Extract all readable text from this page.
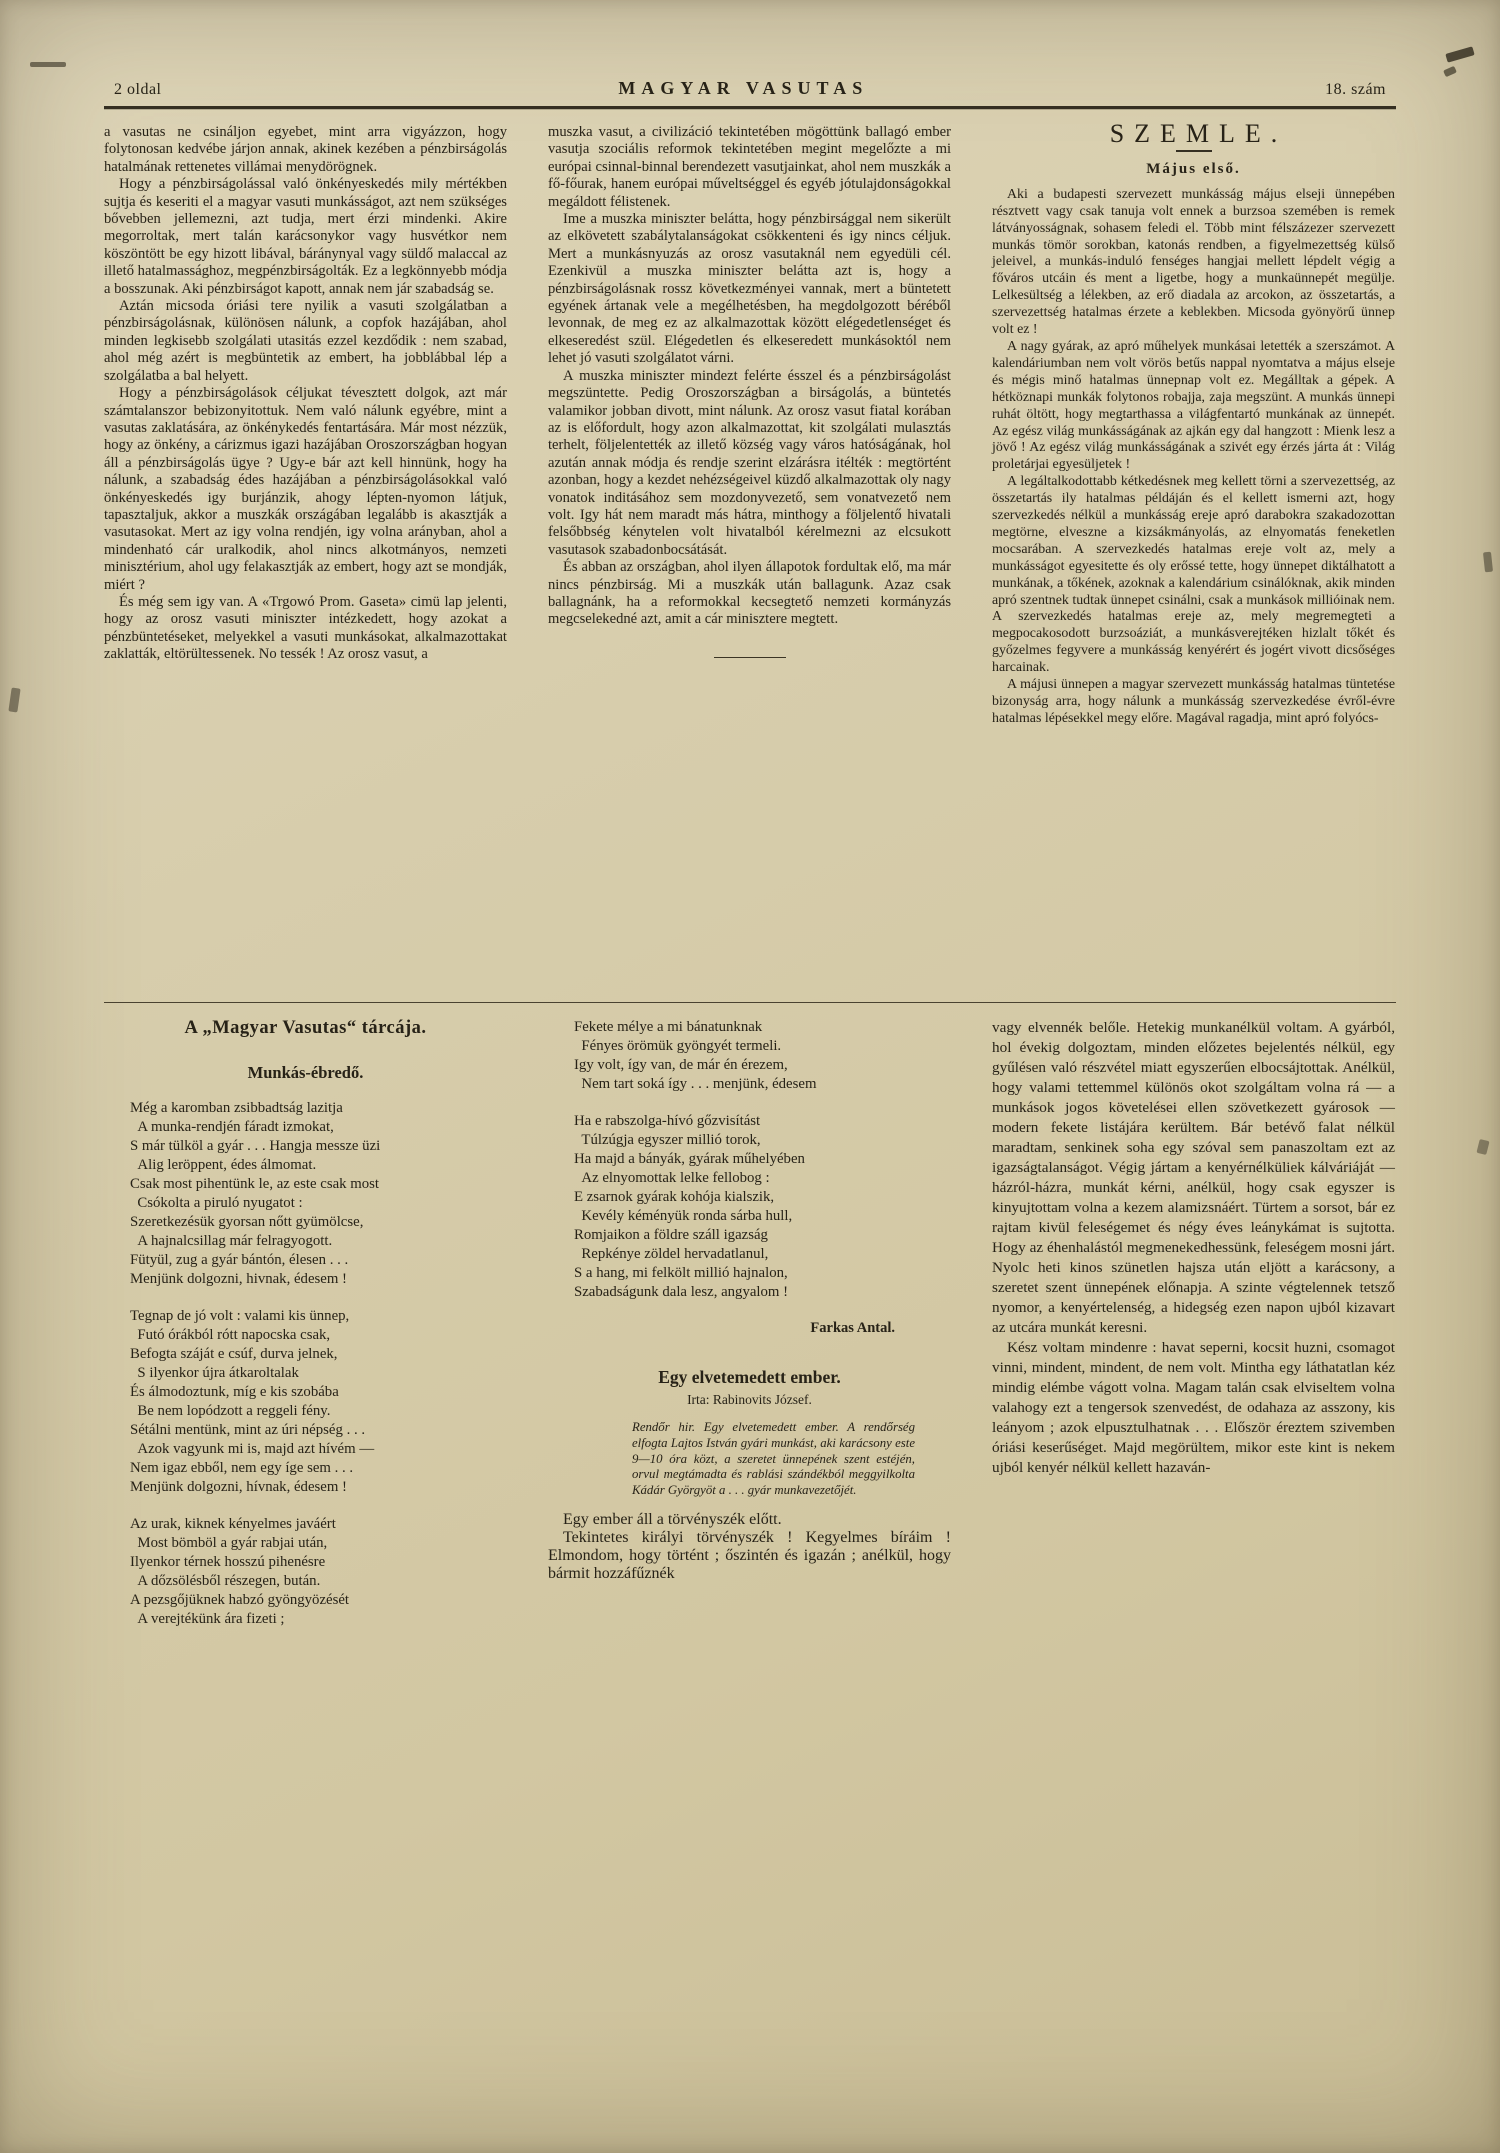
2 oldal	MAGYAR VASUTAS	18. szám

a vasutas ne csináljon egyebet, mint arra vigyázzon, hogy folytonosan kedvébe járjon annak, akinek kezében a pénzbirságolás hatalmának rettenetes villámai menydörögnek.

Hogy a pénzbirságolással való önkényeskedés mily mértékben sujtja és keseriti el a magyar vasuti munkásságot, azt nem szükséges bővebben jellemezni, azt tudja, mert érzi mindenki. Akire megorroltak, mert talán karácsonykor vagy husvétkor nem köszöntött be egy hizott libával, báránynyal vagy süldő malaccal az illető hatalmassághoz, megpénzbirságolták. Ez a legkönnyebb módja a bosszunak. Aki pénzbirságot kapott, annak nem jár szabadság se.

Aztán micsoda óriási tere nyilik a vasuti szolgálatban a pénzbirságolásnak, különösen nálunk, a copfok hazájában, ahol minden legkisebb szolgálati utasitás ezzel kezdődik : nem szabad, ahol még azért is megbüntetik az embert, ha jobblábbal lép a szolgálatba a bal helyett.

Hogy a pénzbirságolások céljukat tévesztett dolgok, azt már számtalanszor bebizonyitottuk. Nem való nálunk egyébre, mint a vasutas zaklatására, az önkénykedés fentartására. Már most nézzük, hogy az önkény, a cárizmus igazi hazájában Oroszországban hogyan áll a pénzbirságolás ügye ? Ugy-e bár azt kell hinnünk, hogy ha nálunk, a szabadság édes hazájában a pénzbirságolásokkal való önkényeskedés igy burjánzik, ahogy lépten-nyomon látjuk, tapasztaljuk, akkor a muszkák országában legalább is akasztják a vasutasokat. Mert az igy volna rendjén, igy volna arányban, ahol a mindenható cár uralkodik, ahol nincs alkotmányos, nemzeti minisztérium, ahol ugy felakasztják az embert, hogy azt se mondják, miért ?

És még sem igy van. A «Trgowó Prom. Gaseta» cimü lap jelenti, hogy az orosz vasuti miniszter intézkedett, hogy azokat a pénzbüntetéseket, melyekkel a vasuti munkásokat, alkalmazottakat zaklatták, eltörültessenek. No tessék ! Az orosz vasut, a

muszka vasut, a civilizáció tekintetében mögöttünk ballagó ember vasutja szociális reformok tekintetében megint megelőzte a mi európai csinnal-binnal berendezett vasutjainkat, ahol nem muszkák a fő-főurak, hanem európai műveltséggel és egyéb jótulajdonságokkal megáldott félistenek.

Ime a muszka miniszter belátta, hogy pénzbirsággal nem sikerült az elkövetett szabálytalanságokat csökkenteni és igy nincs céljuk. Mert a munkásnyuzás az orosz vasutaknál nem egyedüli cél. Ezenkivül a muszka miniszter belátta azt is, hogy a pénzbirságolásnak rossz következményei vannak, mert a büntetett egyének ártanak vele a megélhetésben, ha megdolgozott béréből levonnak, de meg ez az alkalmazottak között elégedetlenséget és elkeseredést szül. Elégedetlen és elkeseredett munkásoktól nem lehet jó vasuti szolgálatot várni.

A muszka miniszter mindezt felérte ésszel és a pénzbirságolást megszüntette. Pedig Oroszországban a birságolás, a büntetés valamikor jobban divott, mint nálunk. Az orosz vasut fiatal korában az is előfordult, hogy azon alkalmazottat, kit szolgálati mulasztás terhelt, följelentették az illető község vagy város hatóságának, hol azután annak módja és rendje szerint elzárásra itélték : megtörtént azonban, hogy a kezdet nehézségeivel küzdő alkalmazottak oly nagy vonatok inditásához sem mozdonyvezető, sem vonatvezető nem volt. Igy hát nem maradt más hátra, minthogy a följelentő hivatali felsőbbség kénytelen volt hivatalból kérelmezni az elcsukott vasutasok szabadonbocsátását.

És abban az országban, ahol ilyen állapotok fordultak elő, ma már nincs pénzbirság. Mi a muszkák után ballagunk. Azaz csak ballagnánk, ha a reformokkal kecsegtető nemzeti kormányzás megcselekedné azt, amit a cár minisztere megtett.

SZEMLE.
Május első.

Aki a budapesti szervezett munkásság május elseji ünnepében résztvett vagy csak tanuja volt ennek a burzsoa szemében is remek látványosságnak, sohasem feledi el. Több mint félszázezer szervezett munkás tömör sorokban, katonás rendben, a figyelmezettség külső jeleivel, a munkás-induló fenséges hangjai mellett lépdelt végig a főváros utcáin és ment a ligetbe, hogy a munkaünnepét megülje. Lelkesültség a lélekben, az erő diadala az arcokon, az összetartás, a szervezettség hatalmas érzete a keblekben. Micsoda gyönyörű ünnep volt ez !

A nagy gyárak, az apró műhelyek munkásai letették a szerszámot. A kalendáriumban nem volt vörös betűs nappal nyomtatva a május elseje és mégis minő hatalmas ünnepnap volt ez. Megálltak a gépek. A hétköznapi munkák folytonos robajja, zaja megszünt. A munkás ünnepi ruhát öltött, hogy megtarthassa a világfentartó munkának az ünnepét. Az egész világ munkásságának az ajkán egy dal hangzott : Mienk lesz a jövő ! Az egész világ munkásságának a szivét egy érzés járta át : Világ proletárjai egyesüljetek !

A legáltalkodottabb kétkedésnek meg kellett törni a szervezettség, az összetartás ily hatalmas példáján és el kellett ismerni azt, hogy szervezkedés nélkül a munkásság ereje apró darabokra szakadozottan megtörne, elveszne a kizsákmányolás, az elnyomatás feneketlen mocsarában. A szervezkedés hatalmas ereje volt az, mely a munkásságot egyesitette és oly erőssé tette, hogy ünnepet diktálhatott a munkának, a tőkének, azoknak a kalendárium csinálóknak, akik minden apró szentnek tudtak ünnepet csinálni, csak a munkások millióinak nem. A szervezkedés hatalmas ereje az, mely megremegteti a megpocakosodott burzsoáziát, a munkásverejtéken hizlalt tőkét és győzelmes fegyvere a munkásság kenyérért és jogért vivott dicsőséges harcainak.

A májusi ünnepen a magyar szervezett munkásság hatalmas tüntetése bizonyság arra, hogy nálunk a munkásság szervezkedése évről-évre hatalmas lépésekkel megy előre. Magával ragadja, mint apró folyócs-

A „Magyar Vasutas“ tárcája.
Munkás-ébredő.
Még a karomban zsibbadtság lazitja
A munka-rendjén fáradt izmokat,
S már tülköl a gyár . . . Hangja messze üzi
Alig leröppent, édes álmomat.
Csak most pihentünk le, az este csak most
Csókolta a piruló nyugatot :
Szeretkezésük gyorsan nőtt gyümölcse,
A hajnalcsillag már felragyogott.
Fütyül, zug a gyár bántón, élesen . . .
Menjünk dolgozni, hivnak, édesem !
Tegnap de jó volt : valami kis ünnep,
Futó órákból rótt napocska csak,
Befogta száját e csúf, durva jelnek,
S ilyenkor újra átkaroltalak
És álmodoztunk, míg e kis szobába
Be nem lopódzott a reggeli fény.
Sétálni mentünk, mint az úri népség . . .
Azok vagyunk mi is, majd azt hívém —
Nem igaz ebből, nem egy íge sem . . .
Menjünk dolgozni, hívnak, édesem !
Az urak, kiknek kényelmes javáért
Most bömböl a gyár rabjai után,
Ilyenkor térnek hosszú pihenésre
A dőzsölésből részegen, bután.
A pezsgőjüknek habzó gyöngyözését
A verejtékünk ára fizeti ;
Fekete mélye a mi bánatunknak
Fényes örömük gyöngyét termeli.
Igy volt, így van, de már én érezem,
Nem tart soká így . . . menjünk, édesem
Ha e rabszolga-hívó gőzvisítást
Túlzúgja egyszer millió torok,
Ha majd a bányák, gyárak műhelyében
Az elnyomottak lelke fellobog :
E zsarnok gyárak kohója kialszik,
Kevély kéményük ronda sárba hull,
Romjaikon a földre száll igazság
Repkénye zöldel hervadatlanul,
S a hang, mi felkölt millió hajnalon,
Szabadságunk dala lesz, angyalom !
Farkas Antal.
Egy elvetemedett ember.
Irta: Rabinovits József.
Rendőr hir. Egy elvetemedett ember. A rendőrség elfogta Lajtos István gyári munkást, aki karácsony este 9—10 óra közt, a szeretet ünnepének szent estéjén, orvul megtámadta és rablási szándékból meggyilkolta Kádár Györgyöt a . . . gyár munkavezetőjét.

Egy ember áll a törvényszék előtt.

Tekintetes királyi törvényszék ! Kegyelmes bíráim ! Elmondom, hogy történt ; őszintén és igazán ; anélkül, hogy bármit hozzáfűznék

vagy elvennék belőle. Hetekig munkanélkül voltam. A gyárból, hol évekig dolgoztam, minden előzetes bejelentés nélkül, egy gyűlésen való részvétel miatt egyszerűen elbocsájtottak. Anélkül, hogy valami tettemmel különös okot szolgáltam volna rá — a munkások jogos követelései ellen szövetkezett gyárosok — modern fekete listájára kerültem. Bár betévő falat nélkül maradtam, senkinek soha egy szóval sem panaszoltam ezt az igazságtalanságot. Végig jártam a kenyérnélküliek kálváriáját — házról-házra, munkát kérni, anélkül, hogy csak egyszer is kinyujtottam volna a kezem alamizsnáért. Türtem a sorsot, bár ez rajtam kivül feleségemet és négy éves leánykámat is sujtotta. Hogy az éhenhalástól megmenekedhessünk, feleségem mosni járt. Nyolc heti kinos szünetlen hajsza után eljött a karácsony, a szeretet szent ünnepének előnapja. A szinte végtelennek tetsző nyomor, a kenyértelenség, a hidegség ezen napon ujból kizavart az utcára munkát keresni.

Kész voltam mindenre : havat seperni, kocsit huzni, csomagot vinni, mindent, mindent, de nem volt. Mintha egy láthatatlan kéz mindig elémbe vágott volna. Magam talán csak elviseltem volna valahogy ezt a tengersok szenvedést, de odahaza az asszony, kis leányom ; azok elpusztulhatnak . . . Először éreztem szivemben óriási keserűséget. Majd megörültem, mikor este kint is nekem ujból kenyér nélkül kellett hazaván-
